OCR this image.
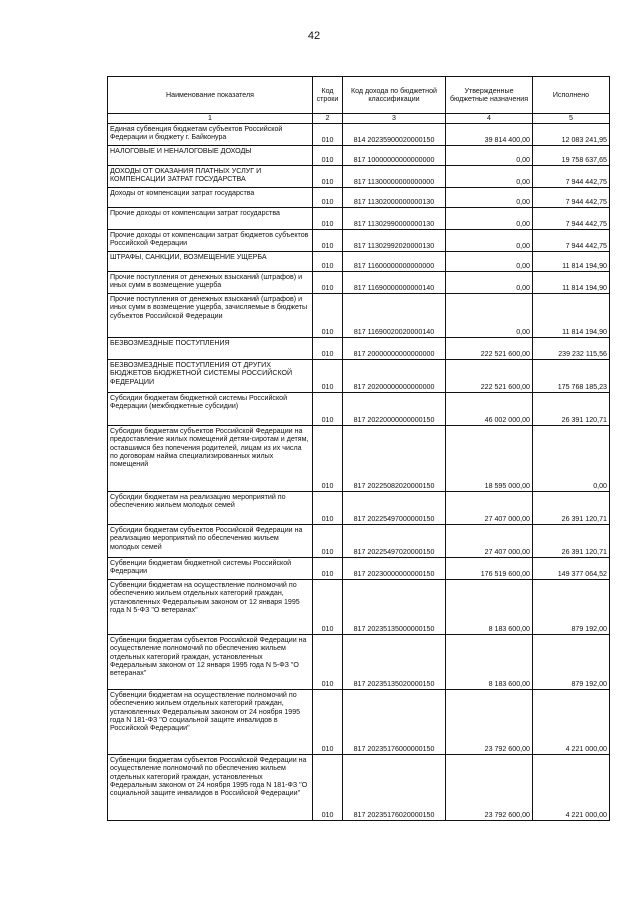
42
Наименование показателя	Код строки	Код дохода по бюджетной классификации	Утвержденные бюджетные назначения	Исполнено
1	2	3	4	5
Единая субвенция бюджетам субъектов Российской Федерации и бюджету г. Байконура	010	814 20235900020000150	39 814 400,00	12 083 241,95
НАЛОГОВЫЕ И НЕНАЛОГОВЫЕ ДОХОДЫ	010	817 10000000000000000	0,00	19 758 637,65
ДОХОДЫ ОТ ОКАЗАНИЯ ПЛАТНЫХ УСЛУГ И КОМПЕНСАЦИИ ЗАТРАТ ГОСУДАРСТВА	010	817 11300000000000000	0,00	7 944 442,75
Доходы от компенсации затрат государства	010	817 11302000000000130	0,00	7 944 442,75
Прочие доходы от компенсации затрат государства	010	817 11302990000000130	0,00	7 944 442,75
Прочие доходы от компенсации затрат бюджетов субъектов Российской Федерации	010	817 11302992020000130	0,00	7 944 442,75
ШТРАФЫ, САНКЦИИ, ВОЗМЕЩЕНИЕ УЩЕРБА	010	817 11600000000000000	0,00	11 814 194,90
Прочие поступления от денежных взысканий (штрафов) и иных сумм в возмещение ущерба	010	817 11690000000000140	0,00	11 814 194,90
Прочие поступления от денежных взысканий (штрафов) и иных сумм в возмещение ущерба, зачисляемые в бюджеты субъектов Российской Федерации	010	817 11690020020000140	0,00	11 814 194,90
БЕЗВОЗМЕЗДНЫЕ ПОСТУПЛЕНИЯ	010	817 20000000000000000	222 521 600,00	239 232 115,56
БЕЗВОЗМЕЗДНЫЕ ПОСТУПЛЕНИЯ ОТ ДРУГИХ БЮДЖЕТОВ БЮДЖЕТНОЙ СИСТЕМЫ РОССИЙСКОЙ ФЕДЕРАЦИИ	010	817 20200000000000000	222 521 600,00	175 768 185,23
Субсидии бюджетам бюджетной системы Российской Федерации (межбюджетные субсидии)	010	817 20220000000000150	46 002 000,00	26 391 120,71
Субсидии бюджетам субъектов Российской Федерации на предоставление жилых помещений детям-сиротам и детям, оставшимся без попечения родителей, лицам из их числа по договорам найма специализированных жилых помещений	010	817 20225082020000150	18 595 000,00	0,00
Субсидии бюджетам на реализацию мероприятий по обеспечению жильем молодых семей	010	817 20225497000000150	27 407 000,00	26 391 120,71
Субсидии бюджетам субъектов Российской Федерации на реализацию мероприятий по обеспечению жильем молодых семей	010	817 20225497020000150	27 407 000,00	26 391 120,71
Субвенции бюджетам бюджетной системы Российской Федерации	010	817 20230000000000150	176 519 600,00	149 377 064,52
Субвенции бюджетам на осуществление полномочий по обеспечению жильем отдельных категорий граждан, установленных Федеральным законом от 12 января 1995 года N 5-ФЗ "О ветеранах"	010	817 20235135000000150	8 183 600,00	879 192,00
Субвенции бюджетам субъектов Российской Федерации на осуществление полномочий по обеспечению жильем отдельных категорий граждан, установленных Федеральным законом от 12 января 1995 года N 5-ФЗ "О ветеранах"	010	817 20235135020000150	8 183 600,00	879 192,00
Субвенции бюджетам на осуществление полномочий по обеспечению жильем отдельных категорий граждан, установленных Федеральным законом от 24 ноября 1995 года N 181-ФЗ "О социальной защите инвалидов в Российской Федерации"	010	817 20235176000000150	23 792 600,00	4 221 000,00
Субвенции бюджетам субъектов Российской Федерации на осуществление полномочий по обеспечению жильем отдельных категорий граждан, установленных Федеральным законом от 24 ноября 1995 года N 181-ФЗ "О социальной защите инвалидов в Российской Федерации"	010	817 20235176020000150	23 792 600,00	4 221 000,00
